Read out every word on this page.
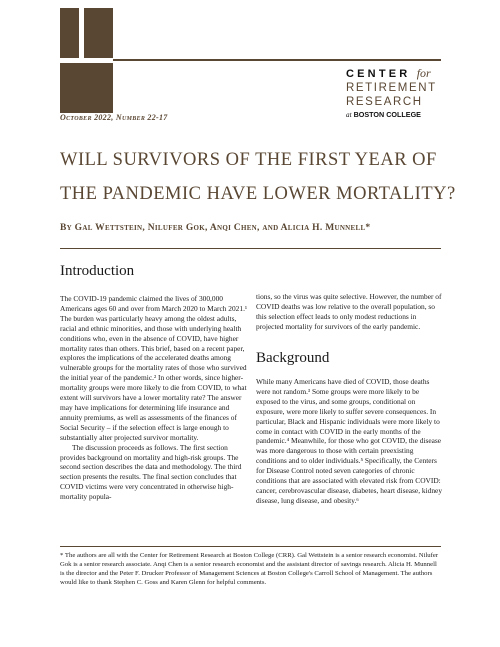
CENTER for
RETIREMENT
RESEARCH
at BOSTON COLLEGE
October 2022, Number 22-17
WILL SURVIVORS OF THE FIRST YEAR OF
THE PANDEMIC HAVE LOWER MORTALITY?
By Gal Wettstein, Nilufer Gok, Anqi Chen, and Alicia H. Munnell*
Introduction

The COVID-19 pandemic claimed the lives of 300,000 Americans ages 60 and over from March 2020 to March 2021.¹ The burden was particularly heavy among the oldest adults, racial and ethnic minorities, and those with underlying health conditions who, even in the absence of COVID, have higher mortality rates than others. This brief, based on a recent paper, explores the implications of the accelerated deaths among vulnerable groups for the mortality rates of those who survived the initial year of the pandemic.² In other words, since higher-mortality groups were more likely to die from COVID, to what extent will survivors have a lower mortality rate? The answer may have implications for determining life insurance and annuity premiums, as well as assessments of the finances of Social Security – if the selection effect is large enough to substantially alter projected survivor mortality.

The discussion proceeds as follows. The first section provides background on mortality and high-risk groups. The second section describes the data and methodology. The third section presents the results. The final section concludes that COVID victims were very concentrated in otherwise high-mortality popula-

tions, so the virus was quite selective. However, the number of COVID deaths was low relative to the overall population, so this selection effect leads to only modest reductions in projected mortality for survivors of the early pandemic.

Background

While many Americans have died of COVID, those deaths were not random.³ Some groups were more likely to be exposed to the virus, and some groups, conditional on exposure, were more likely to suffer severe consequences. In particular, Black and Hispanic individuals were more likely to come in contact with COVID in the early months of the pandemic.⁴ Meanwhile, for those who got COVID, the disease was more dangerous to those with certain preexisting conditions and to older individuals.⁵ Specifically, the Centers for Disease Control noted seven categories of chronic conditions that are associated with elevated risk from COVID: cancer, cerebrovascular disease, diabetes, heart disease, kidney disease, lung disease, and obesity.⁶

* The authors are all with the Center for Retirement Research at Boston College (CRR). Gal Wettstein is a senior research economist. Nilufer Gok is a senior research associate. Anqi Chen is a senior research economist and the assistant director of savings research. Alicia H. Munnell is the director and the Peter F. Drucker Professor of Management Sciences at Boston College's Carroll School of Management. The authors would like to thank Stephen C. Goss and Karen Glenn for helpful comments.
